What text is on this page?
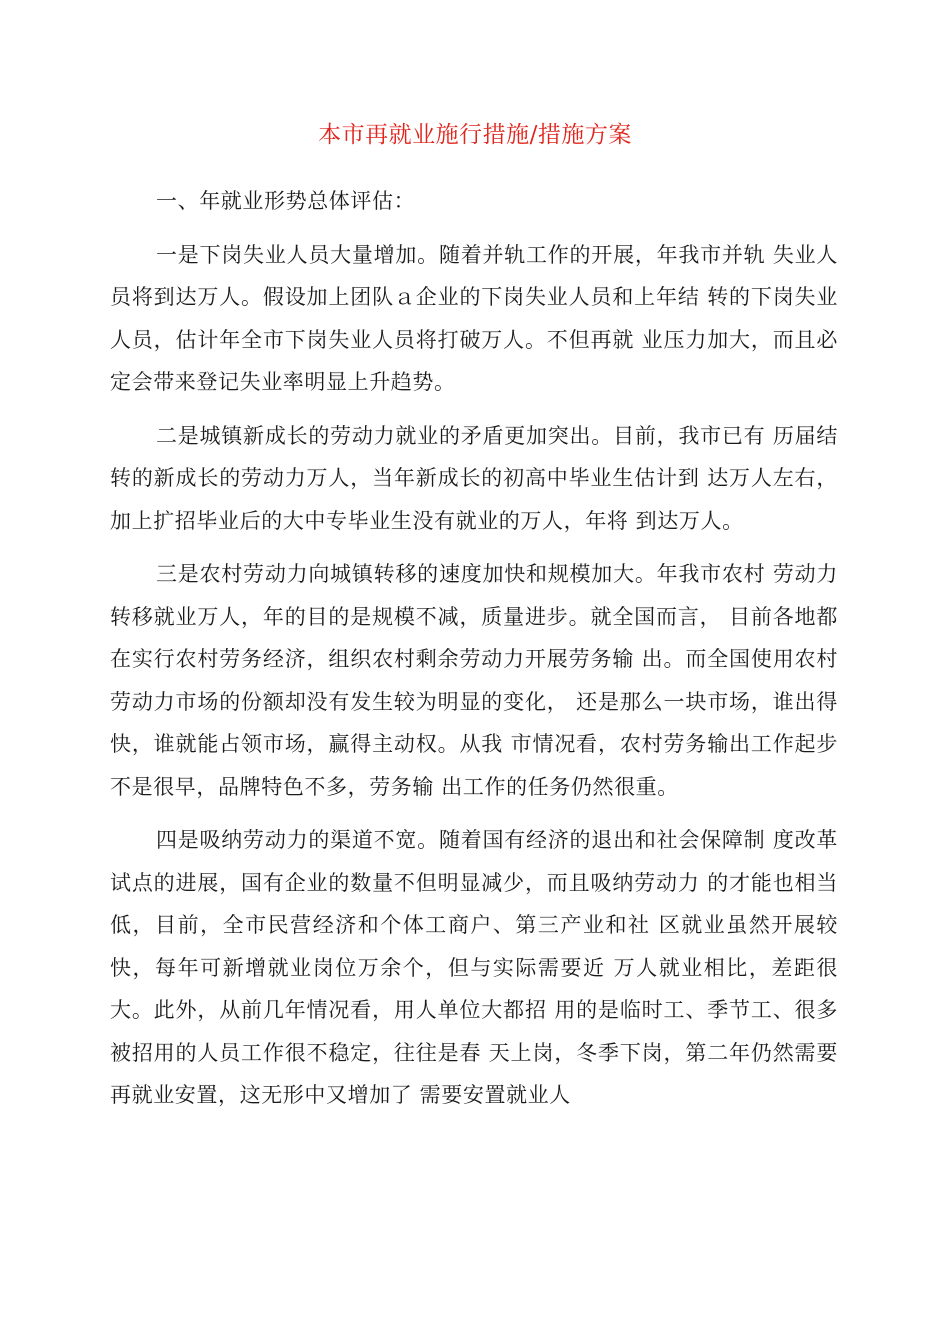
本市再就业施行措施/措施方案

一、年就业形势总体评估：

一是下岗失业人员大量增加。随着并轨工作的开展，年我市并轨 失业人员将到达万人。假设加上团队ａ企业的下岗失业人员和上年结 转的下岗失业人员，估计年全市下岗失业人员将打破万人。不但再就 业压力加大，而且必定会带来登记失业率明显上升趋势。

二是城镇新成长的劳动力就业的矛盾更加突出。目前，我市已有 历届结转的新成长的劳动力万人，当年新成长的初高中毕业生估计到 达万人左右，加上扩招毕业后的大中专毕业生没有就业的万人，年将 到达万人。

三是农村劳动力向城镇转移的速度加快和规模加大。年我市农村 劳动力转移就业万人，年的目的是规模不减，质量进步。就全国而言， 目前各地都在实行农村劳务经济，组织农村剩余劳动力开展劳务输 出。而全国使用农村劳动力市场的份额却没有发生较为明显的变化， 还是那么一块市场，谁出得快，谁就能占领市场，赢得主动权。从我 市情况看，农村劳务输出工作起步不是很早，品牌特色不多，劳务输 出工作的任务仍然很重。

四是吸纳劳动力的渠道不宽。随着国有经济的退出和社会保障制 度改革试点的进展，国有企业的数量不但明显减少，而且吸纳劳动力 的才能也相当低，目前，全市民营经济和个体工商户、第三产业和社 区就业虽然开展较快，每年可新增就业岗位万余个，但与实际需要近 万人就业相比，差距很大。此外，从前几年情况看，用人单位大都招 用的是临时工、季节工、很多被招用的人员工作很不稳定，往往是春 天上岗，冬季下岗，第二年仍然需要再就业安置，这无形中又增加了 需要安置就业人
